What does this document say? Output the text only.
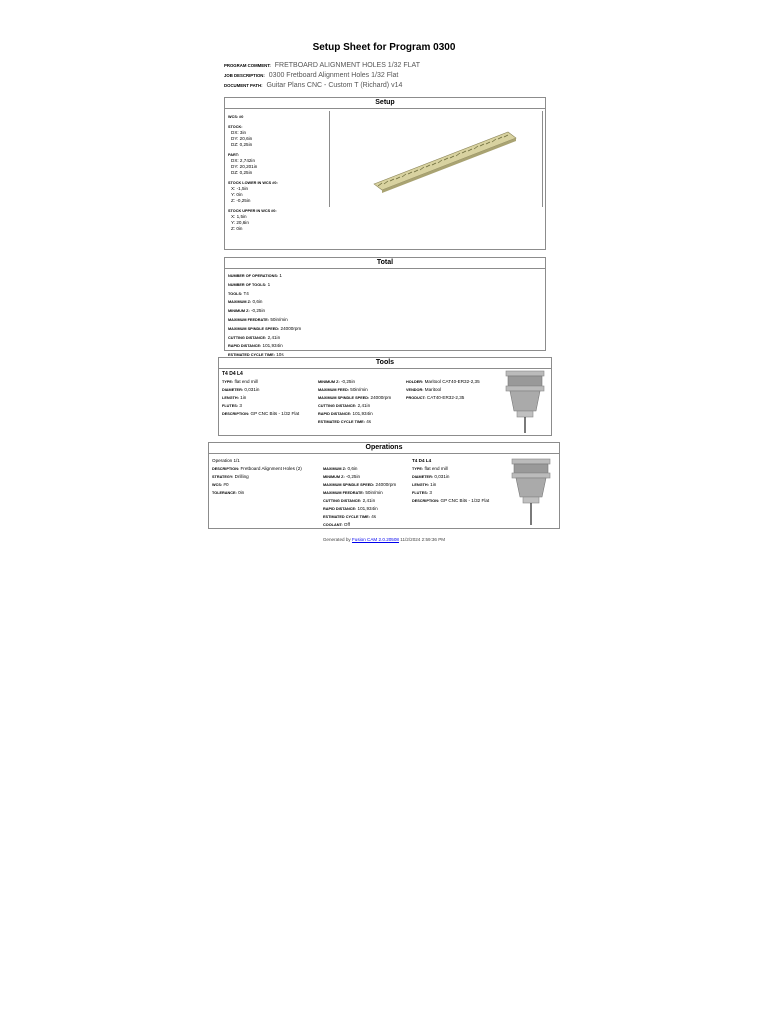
Setup Sheet for Program 0300
PROGRAM COMMENT: FRETBOARD ALIGNMENT HOLES 1/32 FLAT
JOB DESCRIPTION: 0300 Fretboard Alignment Holes 1/32 Flat
DOCUMENT PATH: Guitar Plans CNC - Custom T (Richard) v14
Setup
WCS: #0
STOCK:
DX: 3in
DY: 20,6in
DZ: 0,25in
PART:
DX: 2,742in
DY: 20,201in
DZ: 0,25in
STOCK LOWER IN WCS #0:
X: -1,5in
Y: 0in
Z: -0,25in
STOCK UPPER IN WCS #0:
X: 1,5in
Y: 20,6in
Z: 0in
Total
NUMBER OF OPERATIONS: 1
NUMBER OF TOOLS: 1
TOOLS: T4
MAXIMUM Z: 0,6in
MINIMUM Z: -0,25in
MAXIMUM FEEDRATE: 50in/min
MAXIMUM SPINDLE SPEED: 24000rpm
CUTTING DISTANCE: 2,41in
RAPID DISTANCE: 101,934in
ESTIMATED CYCLE TIME: 10s
Tools
T4 D4 L4
TYPE: flat end mill
DIAMETER: 0,031in
LENGTH: 1in
FLUTES: 3
DESCRIPTION: GP CNC Bits - 1/32 Flat
MINIMUM Z: -0,25in
MAXIMUM FEED: 50in/min
MAXIMUM SPINDLE SPEED: 24000rpm
CUTTING DISTANCE: 2,41in
RAPID DISTANCE: 101,934in
ESTIMATED CYCLE TIME: 4s
HOLDER: Maritool CAT40-ER32-2,35
VENDOR: Maritool
PRODUCT: CAT40-ER32-2,35
Operations
Operation 1/1
DESCRIPTION: Fretboard Alignment Holes (2)
STRATEGY: Drilling
WCS: #0
TOLERANCE: 0in
MAXIMUM Z: 0,6in
MINIMUM Z: -0,25in
MAXIMUM SPINDLE SPEED: 24000rpm
MAXIMUM FEEDRATE: 50in/min
CUTTING DISTANCE: 2,41in
RAPID DISTANCE: 101,934in
ESTIMATED CYCLE TIME: 4s
COOLANT: Off
T4 D4 L4
TYPE: flat end mill
DIAMETER: 0,031in
LENGTH: 1in
FLUTES: 3
DESCRIPTION: GP CNC Bits - 1/32 Flat
Generated by Fusion CAM 2.0.20508 11/2/2024 2:59:36 PM
